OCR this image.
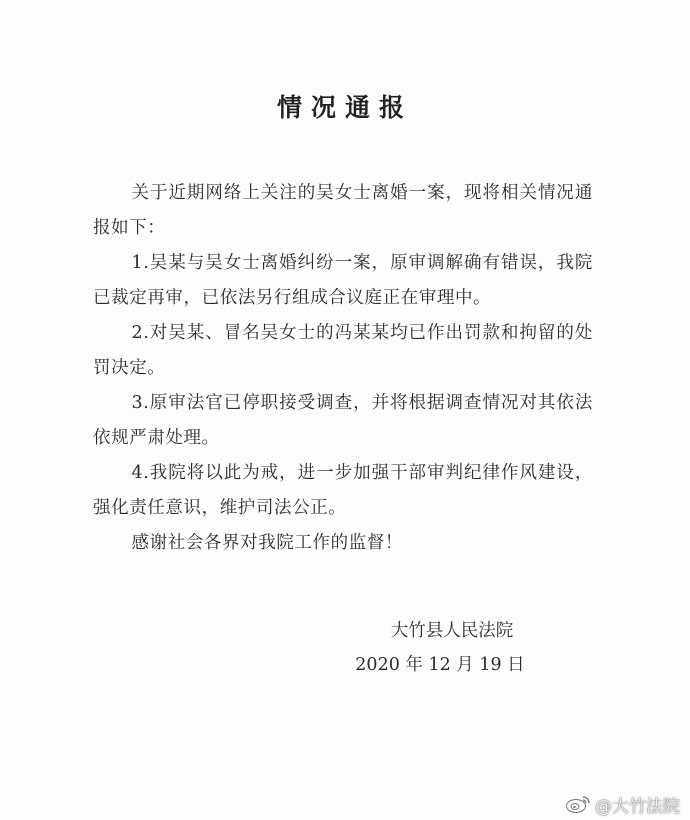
情况通报

关于近期网络上关注的吴女士离婚一案，现将相关情况通报如下：

1.吴某与吴女士离婚纠纷一案，原审调解确有错误，我院已裁定再审，已依法另行组成合议庭正在审理中。

2.对吴某、冒名吴女士的冯某某均已作出罚款和拘留的处罚决定。

3.原审法官已停职接受调查，并将根据调查情况对其依法依规严肃处理。

4.我院将以此为戒，进一步加强干部审判纪律作风建设，强化责任意识，维护司法公正。

感谢社会各界对我院工作的监督！

大竹县人民法院
2020 年 12 月 19 日
@大竹法院
